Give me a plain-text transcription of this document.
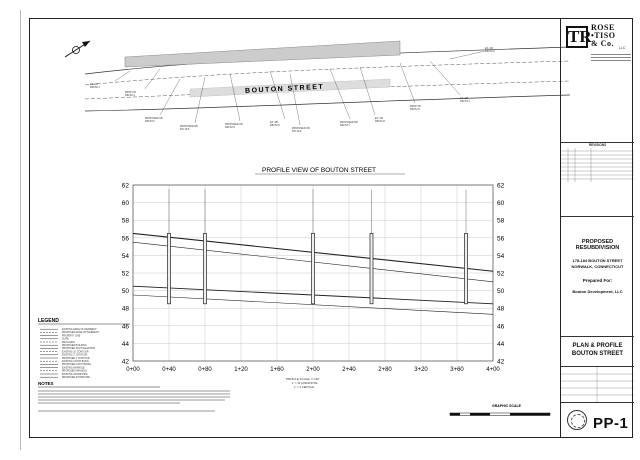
EX. CB
RIM 50.1
PROP CB
RIM 52.4
PROPOSED CB
RIM 53.0
PROPOSED MH
INV 48.5
PROPOSED CB
RIM 52.9
EX. MH
RIM 52.6
PROPOSED CB
INV 49.9
PROPOSED MH
RIM 52.1
EX. CB
RIM 51.8
PROP CB
RIM 51.5
EX. MH
RIM 51.4
EX. CB
RIM 52.0
BOUTON STREET
PROFILE VIEW OF BOUTON STREET
42	42
44	44
46	46
48	48
50	50
52	52
54	54
56	56
58	58
60	60
62	62
0+00	0+40	0+80	1+20	1+60	2+00	2+40	2+80	3+20	3+60	4+00
PROFILE SCALE: 1"=40'
1" = 40' HORIZONTAL
1" = 4' VERTICAL
LEGEND
EXISTING EDGE OF PAVEMENT
PROPOSED EDGE OF PAVEMENT
PROPERTY LINE
CURB
WETLANDS
PROPOSED BUILDING
PROPOSED SPOT ELEVATION
EXISTING 10' CONTOUR
EXISTING 2' CONTOUR
PROPOSED 2' CONTOUR
EXISTING CATCH BASIN
PROPOSED CATCH BASIN
EXISTING MANHOLE
PROPOSED MANHOLE
EXISTING STORM PIPE
PROPOSED STORM PIPE
NOTES
GRAPHIC SCALE
TR ROSE
•TISO
& Co.	LLC
REVISIONS
PROPOSED RESUBDIVISION
178-184 BOUTON STREET
NORWALK, CONNECTICUT
Prepared For:
Bouton Development, LLC
PLAN & PROFILE
BOUTON STREET
PP-1
